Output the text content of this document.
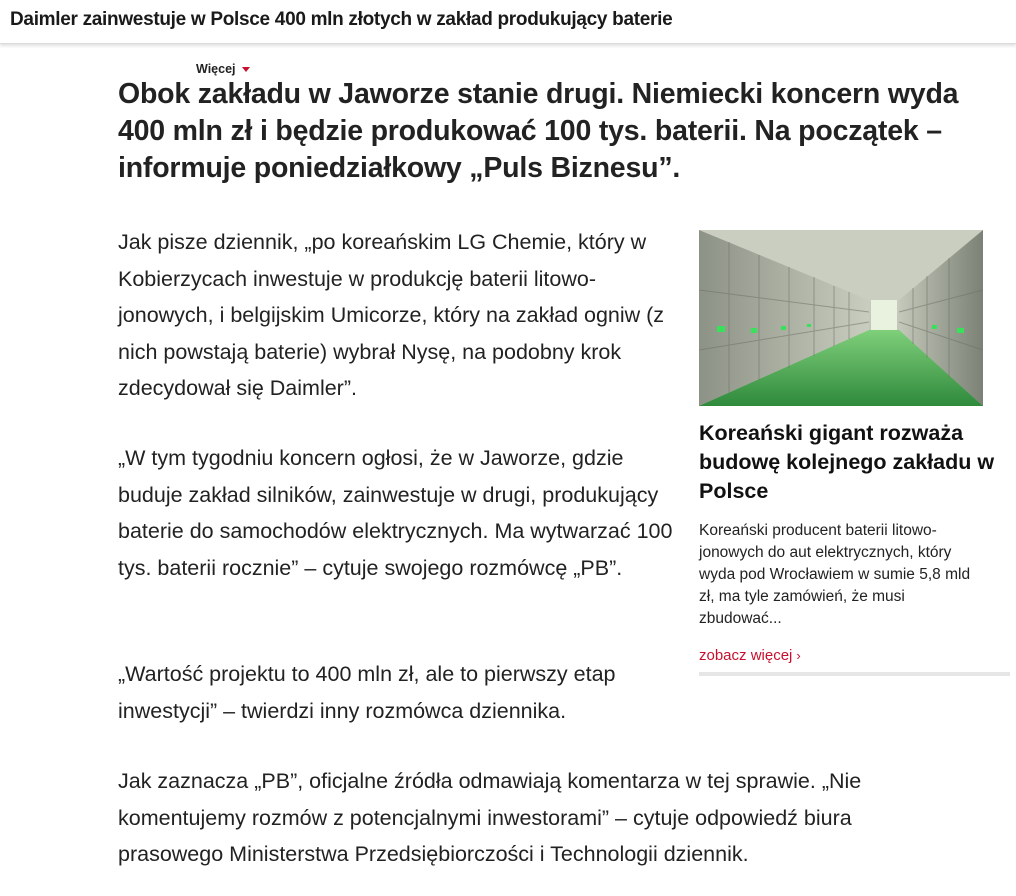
Daimler zainwestuje w Polsce 400 mln złotych w zakład produkujący baterie
Więcej
Obok zakładu w Jaworze stanie drugi. Niemiecki koncern wyda 400 mln zł i będzie produkować 100 tys. baterii. Na początek – informuje poniedziałkowy „Puls Biznesu”.

Jak pisze dziennik, „po koreańskim LG Chemie, który w Kobierzycach inwestuje w produkcję baterii litowo-jonowych, i belgijskim Umicorze, który na zakład ogniw (z nich powstają baterie) wybrał Nysę, na podobny krok zdecydował się Daimler”.

„W tym tygodniu koncern ogłosi, że w Jaworze, gdzie buduje zakład silników, zainwestuje w drugi, produkujący baterie do samochodów elektrycznych. Ma wytwarzać 100 tys. baterii rocznie” – cytuje swojego rozmówcę „PB”.

„Wartość projektu to 400 mln zł, ale to pierwszy etap inwestycji” – twierdzi inny rozmówca dziennika.

Jak zaznacza „PB”, oficjalne źródła odmawiają komentarza w tej sprawie. „Nie komentujemy rozmów z potencjalnymi inwestorami” – cytuje odpowiedź biura prasowego Ministerstwa Przedsiębiorczości i Technologii dziennik.

Koreański gigant rozważa budowę kolejnego zakładu w Polsce
Koreański producent baterii litowo-jonowych do aut elektrycznych, który wyda pod Wrocławiem w sumie 5,8 mld zł, ma tyle zamówień, że musi zbudować...
zobacz więcej ›
